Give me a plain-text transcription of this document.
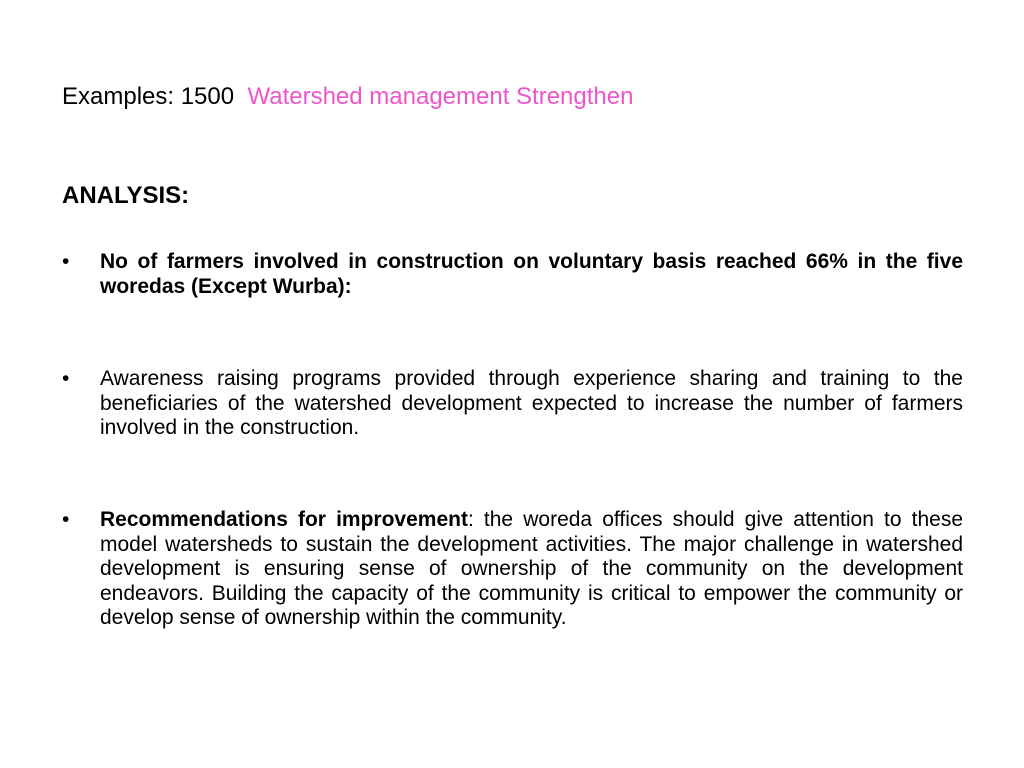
Examples: 1500 Watershed management Strengthen
ANALYSIS:
• No of farmers involved in construction on voluntary basis reached 66% in the five woredas (Except Wurba):
• Awareness raising programs provided through experience sharing and training to the beneficiaries of the watershed development expected to increase the number of farmers involved in the construction.
• Recommendations for improvement: the woreda offices should give attention to these model watersheds to sustain the development activities. The major challenge in watershed development is ensuring sense of ownership of the community on the development endeavors. Building the capacity of the community is critical to empower the community or develop sense of ownership within the community.
